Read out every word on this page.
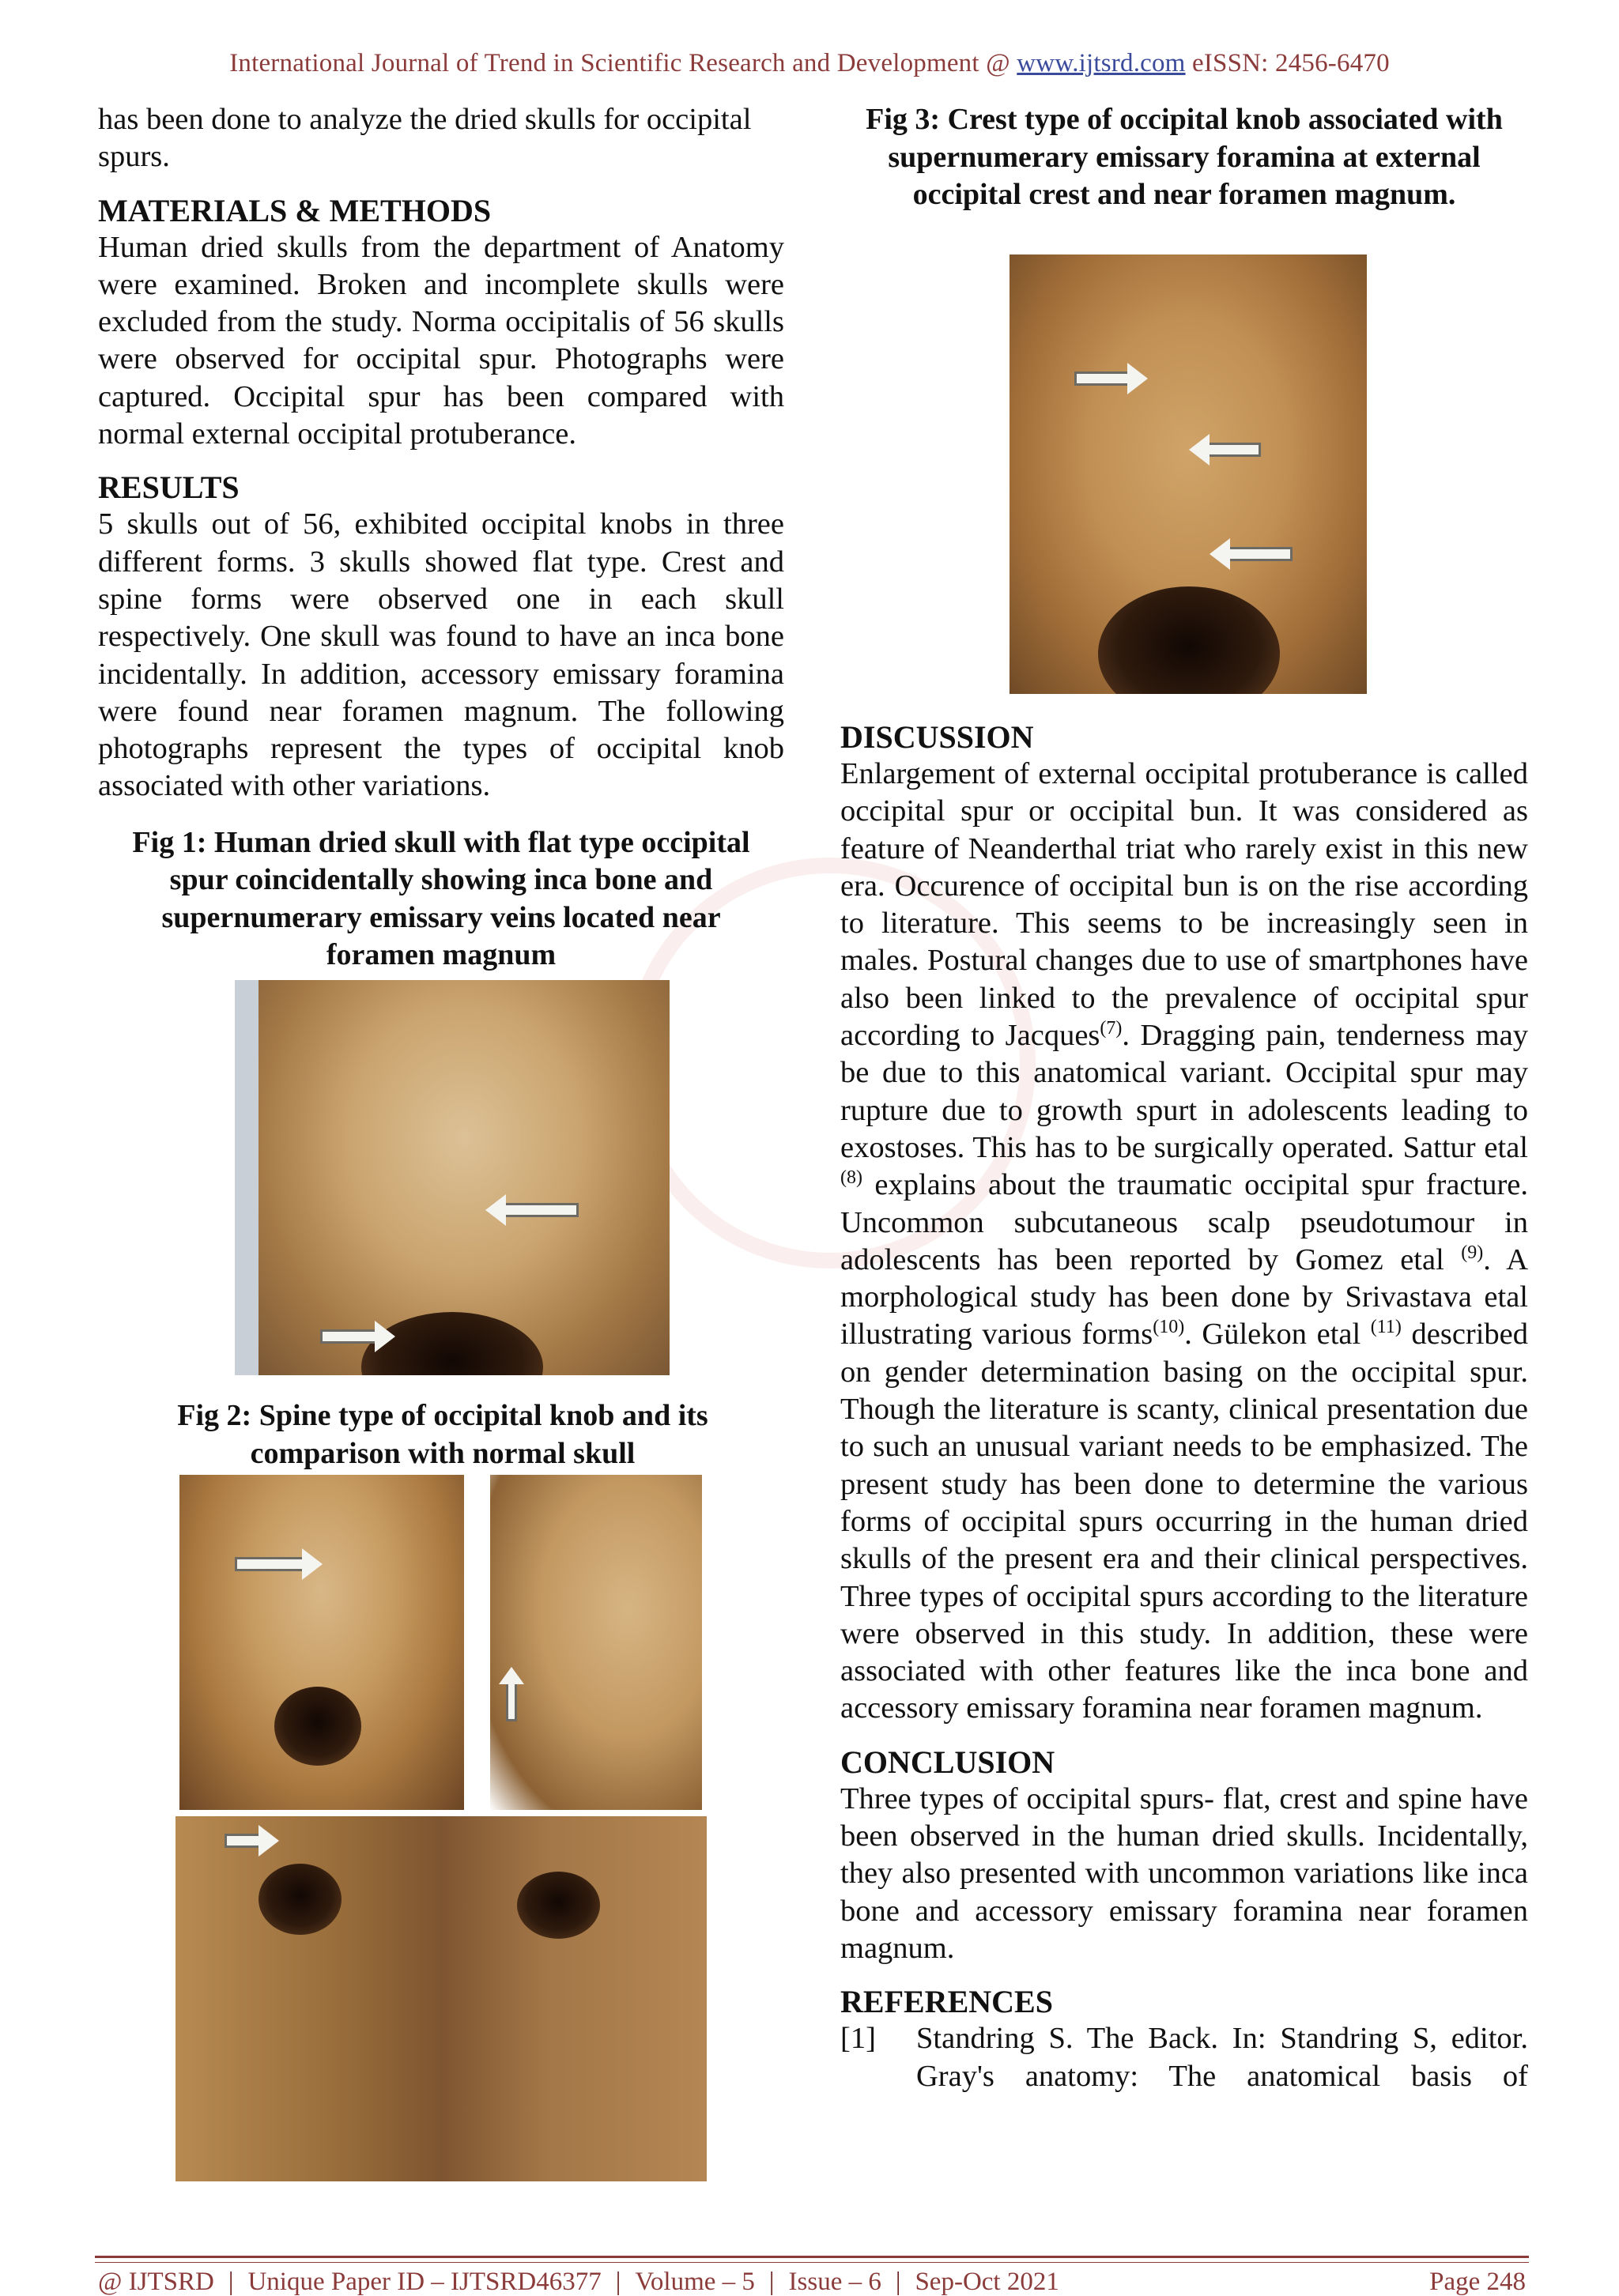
International Journal of Trend in Scientific Research and Development @ www.ijtsrd.com eISSN: 2456-6470

has been done to analyze the dried skulls for occipital spurs.

MATERIALS & METHODS

Human dried skulls from the department of Anatomy were examined. Broken and incomplete skulls were excluded from the study. Norma occipitalis of 56 skulls were observed for occipital spur. Photographs were captured. Occipital spur has been compared with normal external occipital protuberance.

RESULTS

5 skulls out of 56, exhibited occipital knobs in three different forms. 3 skulls showed flat type. Crest and spine forms were observed one in each skull respectively. One skull was found to have an inca bone incidentally. In addition, accessory emissary foramina were found near foramen magnum. The following photographs represent the types of occipital knob associated with other variations.

Fig 1: Human dried skull with flat type occipital spur coincidentally showing inca bone and supernumerary emissary veins located near foramen magnum

Fig 2: Spine type of occipital knob and its comparison with normal skull

Fig 3: Crest type of occipital knob associated with supernumerary emissary foramina at external occipital crest and near foramen magnum.

DISCUSSION

Enlargement of external occipital protuberance is called occipital spur or occipital bun. It was considered as feature of Neanderthal triat who rarely exist in this new era. Occurence of occipital bun is on the rise according to literature. This seems to be increasingly seen in males. Postural changes due to use of smartphones have also been linked to the prevalence of occipital spur according to Jacques$^{(7)}$. Dragging pain, tenderness may be due to this anatomical variant. Occipital spur may rupture due to growth spurt in adolescents leading to exostoses. This has to be surgically operated. Sattur etal $^{(8)}$ explains about the traumatic occipital spur fracture. Uncommon subcutaneous scalp pseudotumour in adolescents has been reported by Gomez etal $^{(9)}$. A morphological study has been done by Srivastava etal illustrating various forms$^{(10)}$. Gülekon etal $^{(11)}$ described on gender determination basing on the occipital spur. Though the literature is scanty, clinical presentation due to such an unusual variant needs to be emphasized. The present study has been done to determine the various forms of occipital spurs occurring in the human dried skulls of the present era and their clinical perspectives. Three types of occipital spurs according to the literature were observed in this study. In addition, these were associated with other features like the inca bone and accessory emissary foramina near foramen magnum.

CONCLUSION

Three types of occipital spurs- flat, crest and spine have been observed in the human dried skulls. Incidentally, they also presented with uncommon variations like inca bone and accessory emissary foramina near foramen magnum.

REFERENCES
[1]	Standring S. The Back. In: Standring S, editor. Gray's anatomy: The anatomical basis of
@ IJTSRD | Unique Paper ID – IJTSRD46377 | Volume – 5 | Issue – 6 | Sep-Oct 2021	Page 248
